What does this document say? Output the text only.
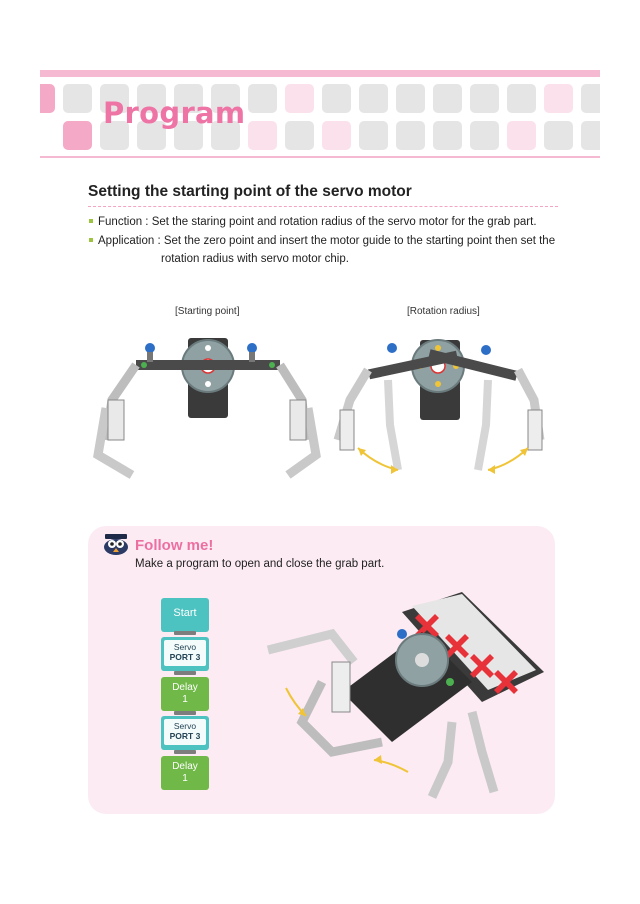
Program
Setting the starting point of the servo motor
Function : Set the staring point and rotation radius of the servo motor for the grab part.
Application : Set the zero point and insert the motor guide to the starting point then set the
rotation radius with servo motor chip.
[Starting point]	[Rotation radius]
Follow me!
Make a program to open and close the grab part.
Start
Servo
PORT 3
Delay
1
Servo
PORT 3
Delay
1
